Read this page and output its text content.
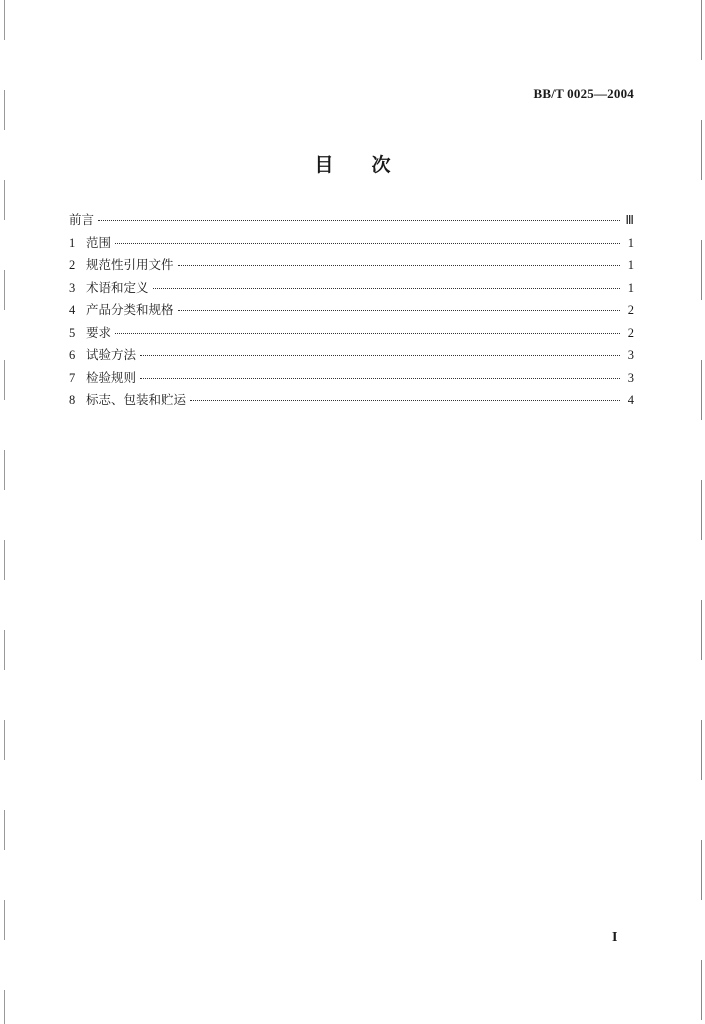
BB/T 0025—2004
目 次
前言	Ⅲ
1 范围	1
2 规范性引用文件	1
3 术语和定义	1
4 产品分类和规格	2
5 要求	2
6 试验方法	3
7 检验规则	3
8 标志、包装和贮运	4
I
